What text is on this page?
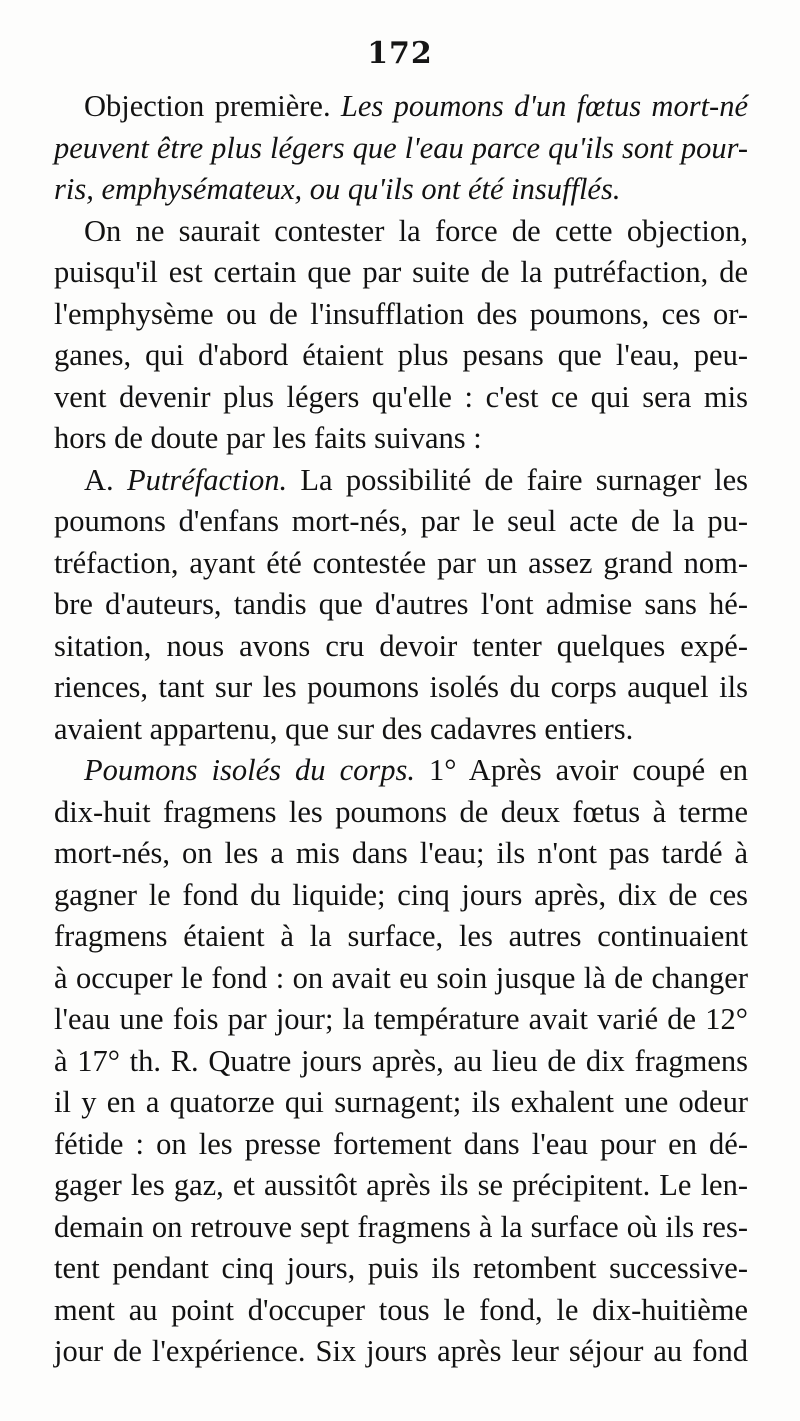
172
Objection première. Les poumons d'un fœtus mort-né
peuvent être plus légers que l'eau parce qu'ils sont pour-
ris, emphysémateux, ou qu'ils ont été insufflés.
On ne saurait contester la force de cette objection,
puisqu'il est certain que par suite de la putréfaction, de
l'emphysème ou de l'insufflation des poumons, ces or-
ganes, qui d'abord étaient plus pesans que l'eau, peu-
vent devenir plus légers qu'elle : c'est ce qui sera mis
hors de doute par les faits suivans :
A. Putréfaction. La possibilité de faire surnager les
poumons d'enfans mort-nés, par le seul acte de la pu-
tréfaction, ayant été contestée par un assez grand nom-
bre d'auteurs, tandis que d'autres l'ont admise sans hé-
sitation, nous avons cru devoir tenter quelques expé-
riences, tant sur les poumons isolés du corps auquel ils
avaient appartenu, que sur des cadavres entiers.
Poumons isolés du corps. 1° Après avoir coupé en
dix-huit fragmens les poumons de deux fœtus à terme
mort-nés, on les a mis dans l'eau; ils n'ont pas tardé à
gagner le fond du liquide; cinq jours après, dix de ces
fragmens étaient à la surface, les autres continuaient
à occuper le fond : on avait eu soin jusque là de changer
l'eau une fois par jour; la température avait varié de 12°
à 17° th. R. Quatre jours après, au lieu de dix fragmens
il y en a quatorze qui surnagent; ils exhalent une odeur
fétide : on les presse fortement dans l'eau pour en dé-
gager les gaz, et aussitôt après ils se précipitent. Le len-
demain on retrouve sept fragmens à la surface où ils res-
tent pendant cinq jours, puis ils retombent successive-
ment au point d'occuper tous le fond, le dix-huitième
jour de l'expérience. Six jours après leur séjour au fond
